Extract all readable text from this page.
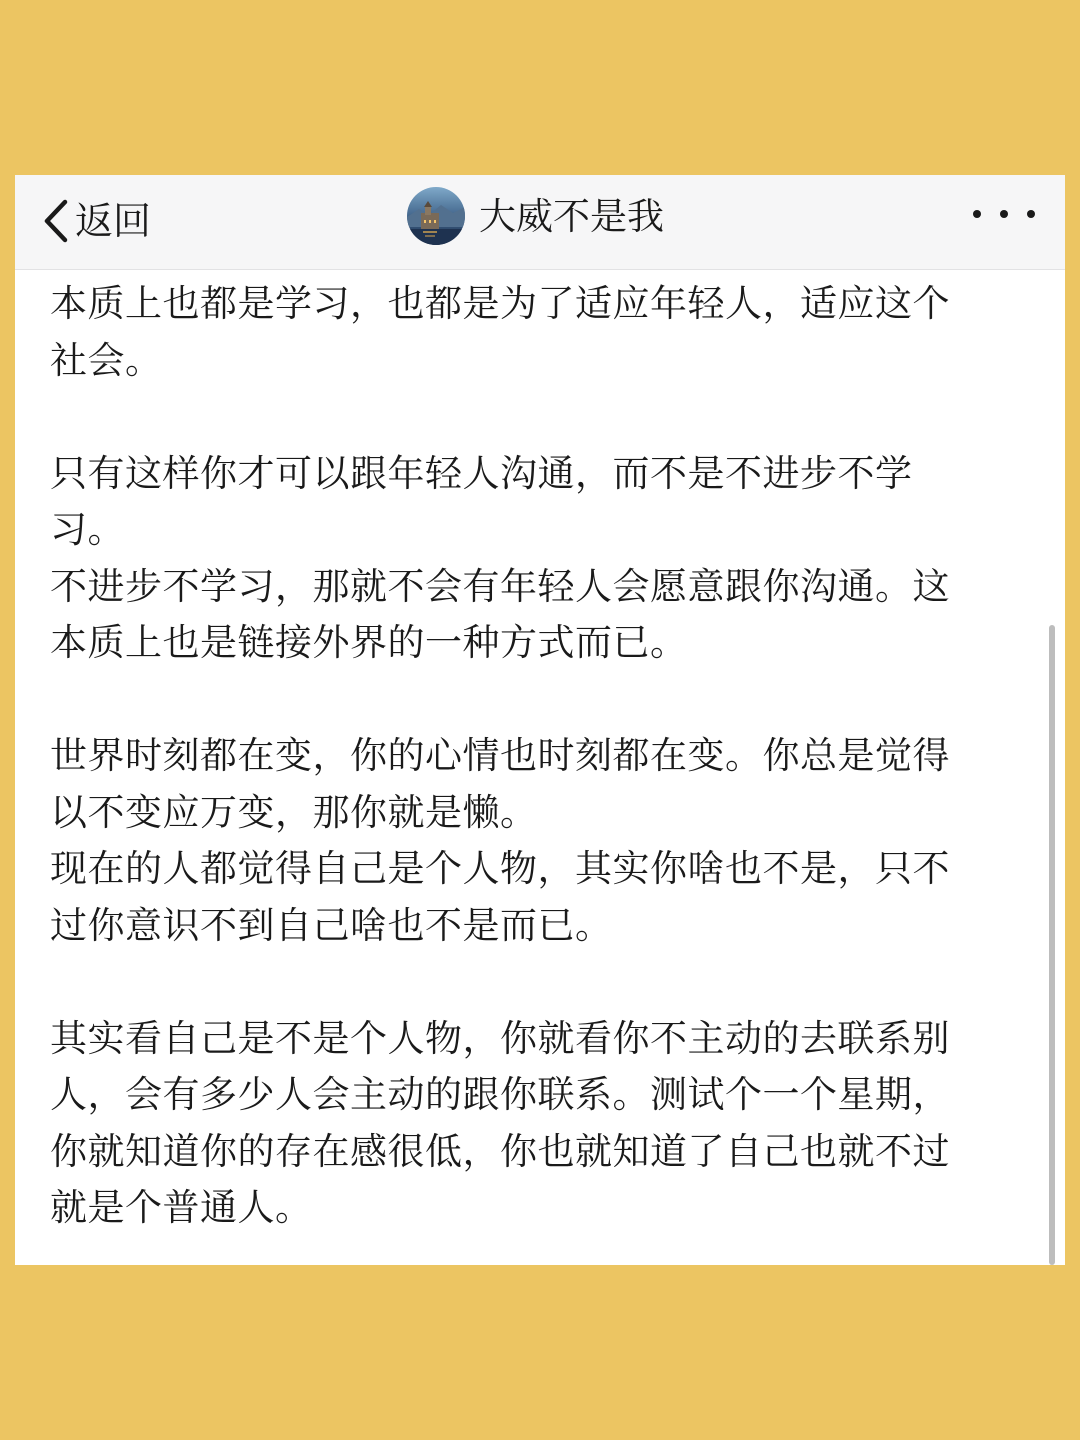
返回	大威不是我

本质上也都是学习，也都是为了适应年轻人，适应这个

社会。

只有这样你才可以跟年轻人沟通，而不是不进步不学

习。

不进步不学习，那就不会有年轻人会愿意跟你沟通。这

本质上也是链接外界的一种方式而已。

世界时刻都在变，你的心情也时刻都在变。你总是觉得

以不变应万变，那你就是懒。

现在的人都觉得自己是个人物，其实你啥也不是，只不

过你意识不到自己啥也不是而已。

其实看自己是不是个人物，你就看你不主动的去联系别

人，会有多少人会主动的跟你联系。测试个一个星期，

你就知道你的存在感很低，你也就知道了自己也就不过

就是个普通人。
